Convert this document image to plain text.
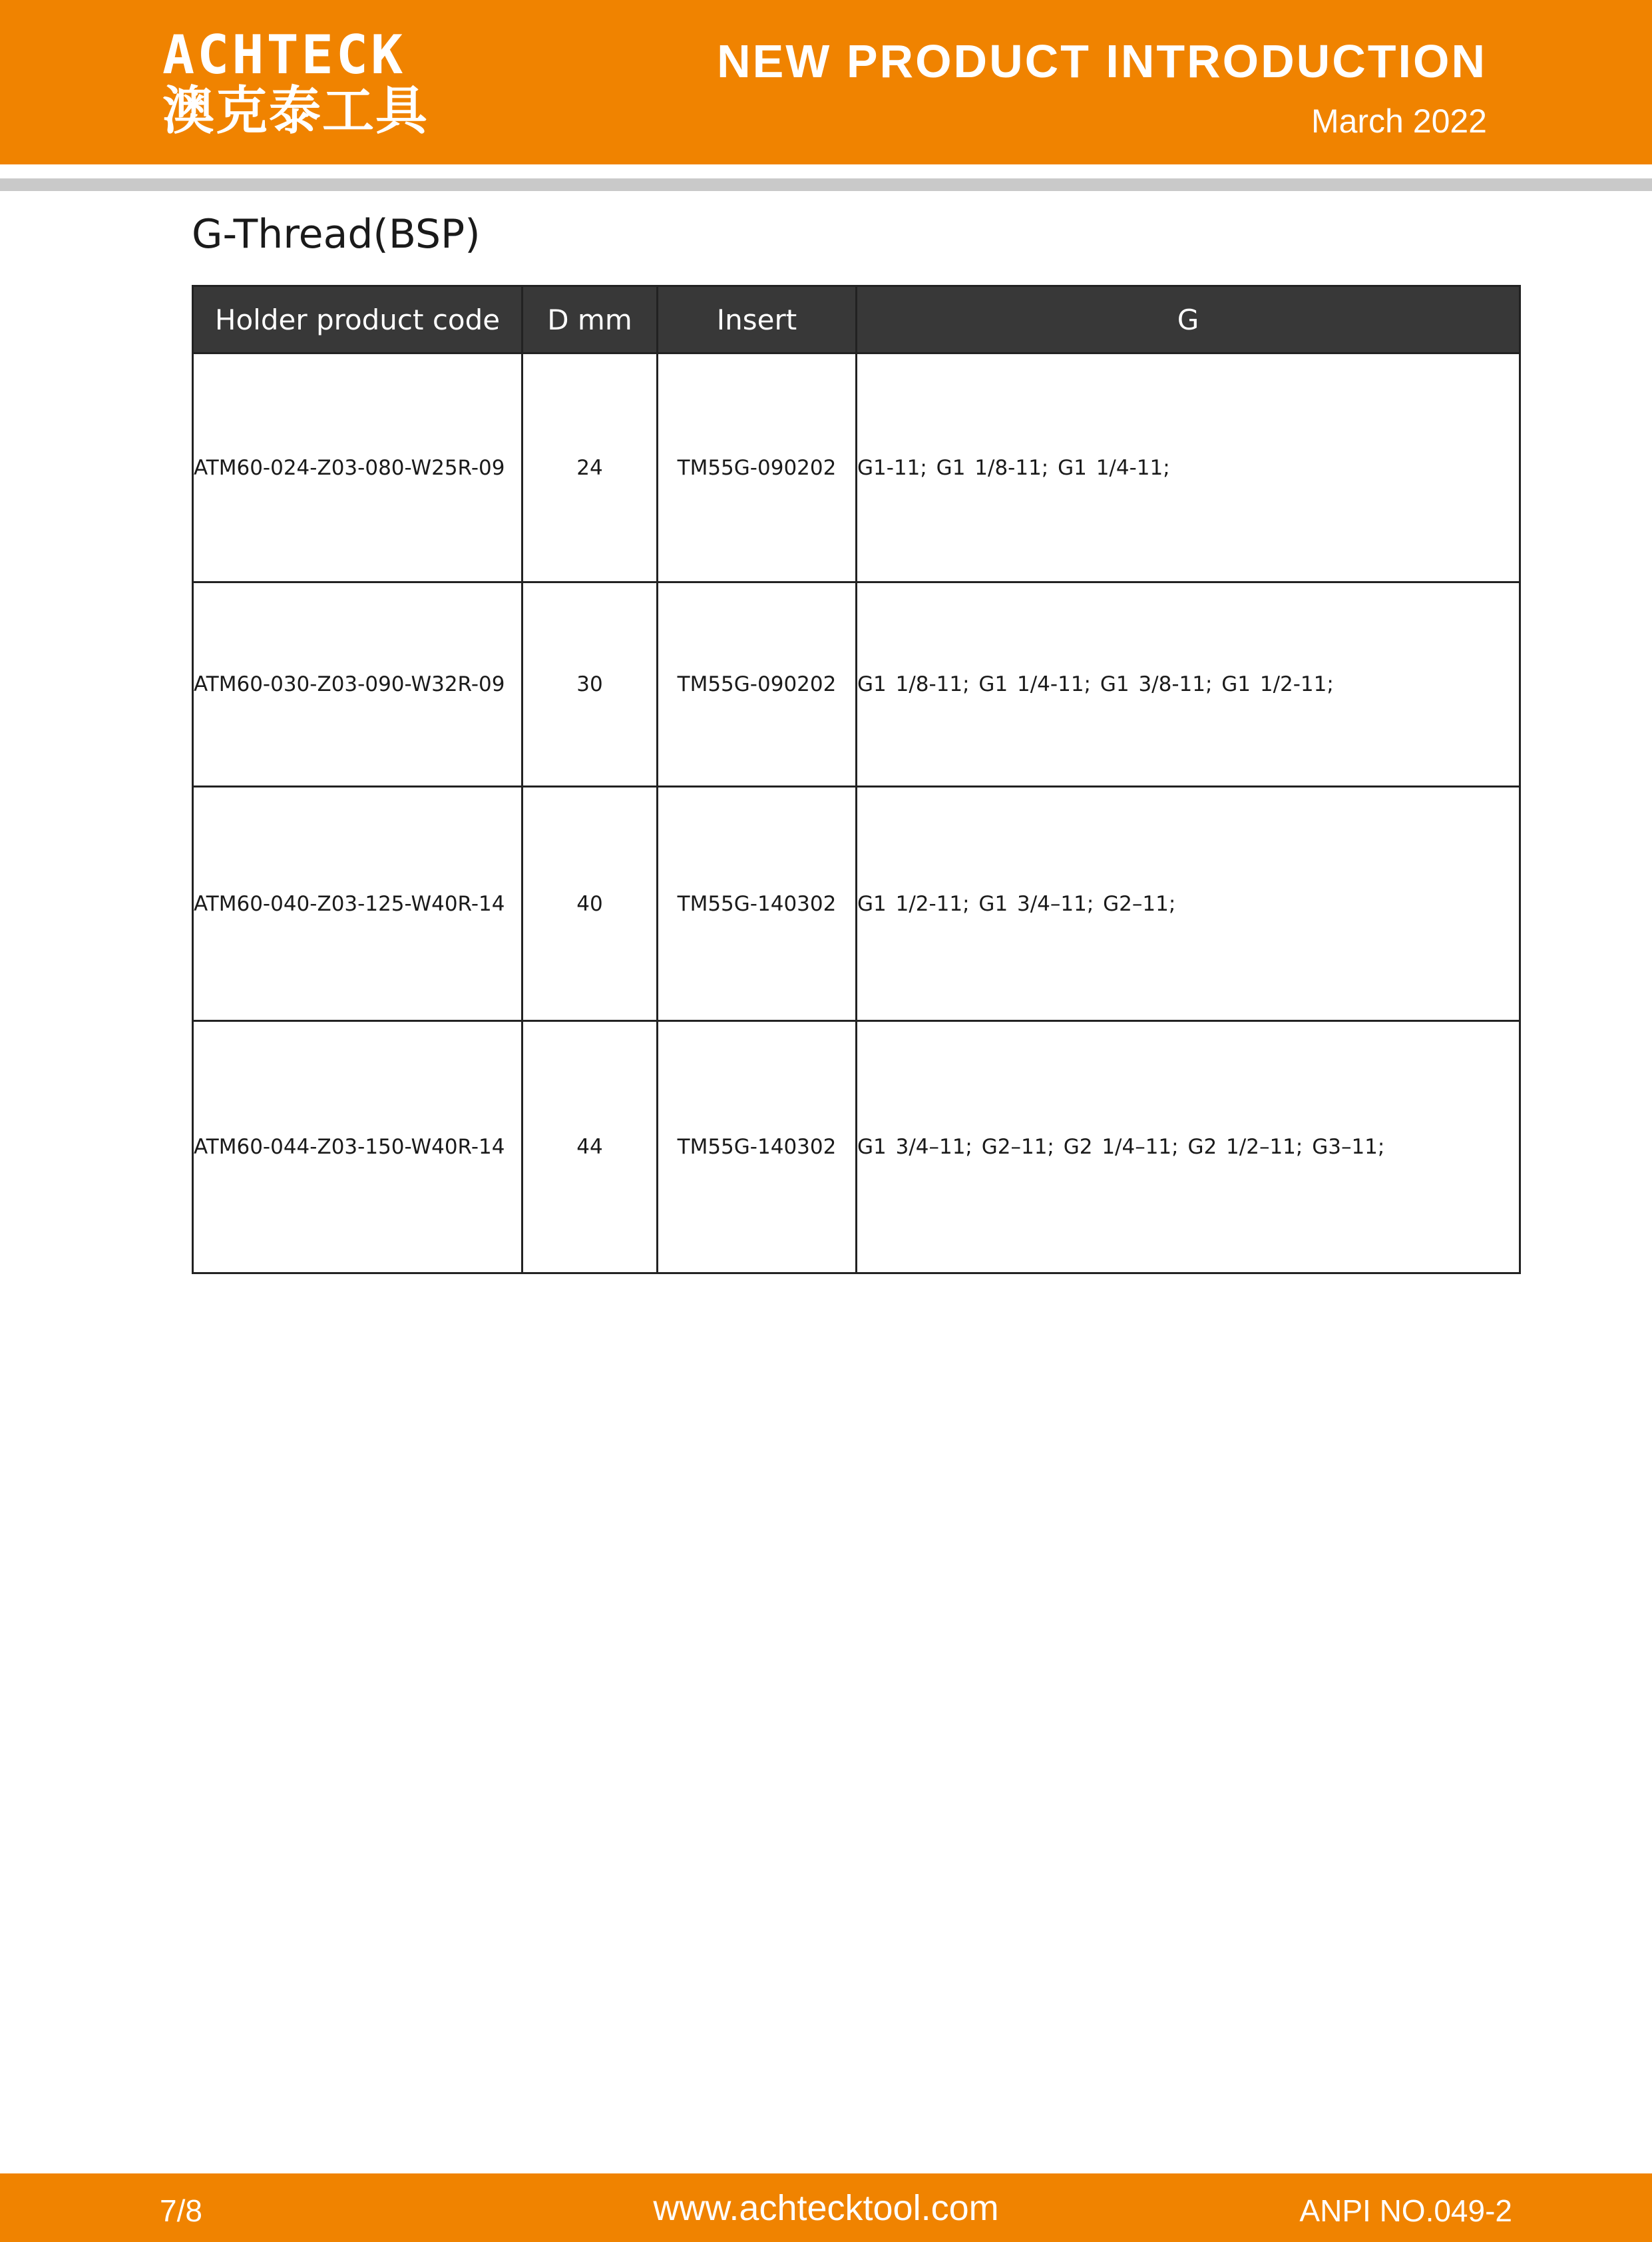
ACHTECK
澳克泰工具
NEW PRODUCT INTRODUCTION
March 2022
G-Thread(BSP)
Holder product code	D mm	Insert	G
ATM60-024-Z03-080-W25R-09	24	TM55G-090202	G1-11; G1 1/8-11; G1 1/4-11;
ATM60-030-Z03-090-W32R-09	30	TM55G-090202	G1 1/8-11; G1 1/4-11; G1 3/8-11; G1 1/2-11;
ATM60-040-Z03-125-W40R-14	40	TM55G-140302	G1 1/2-11; G1 3/4–11; G2–11;
ATM60-044-Z03-150-W40R-14	44	TM55G-140302	G1 3/4–11; G2–11; G2 1/4–11; G2 1/2–11; G3–11;
7/8	www.achtecktool.com	ANPI NO.049-2
